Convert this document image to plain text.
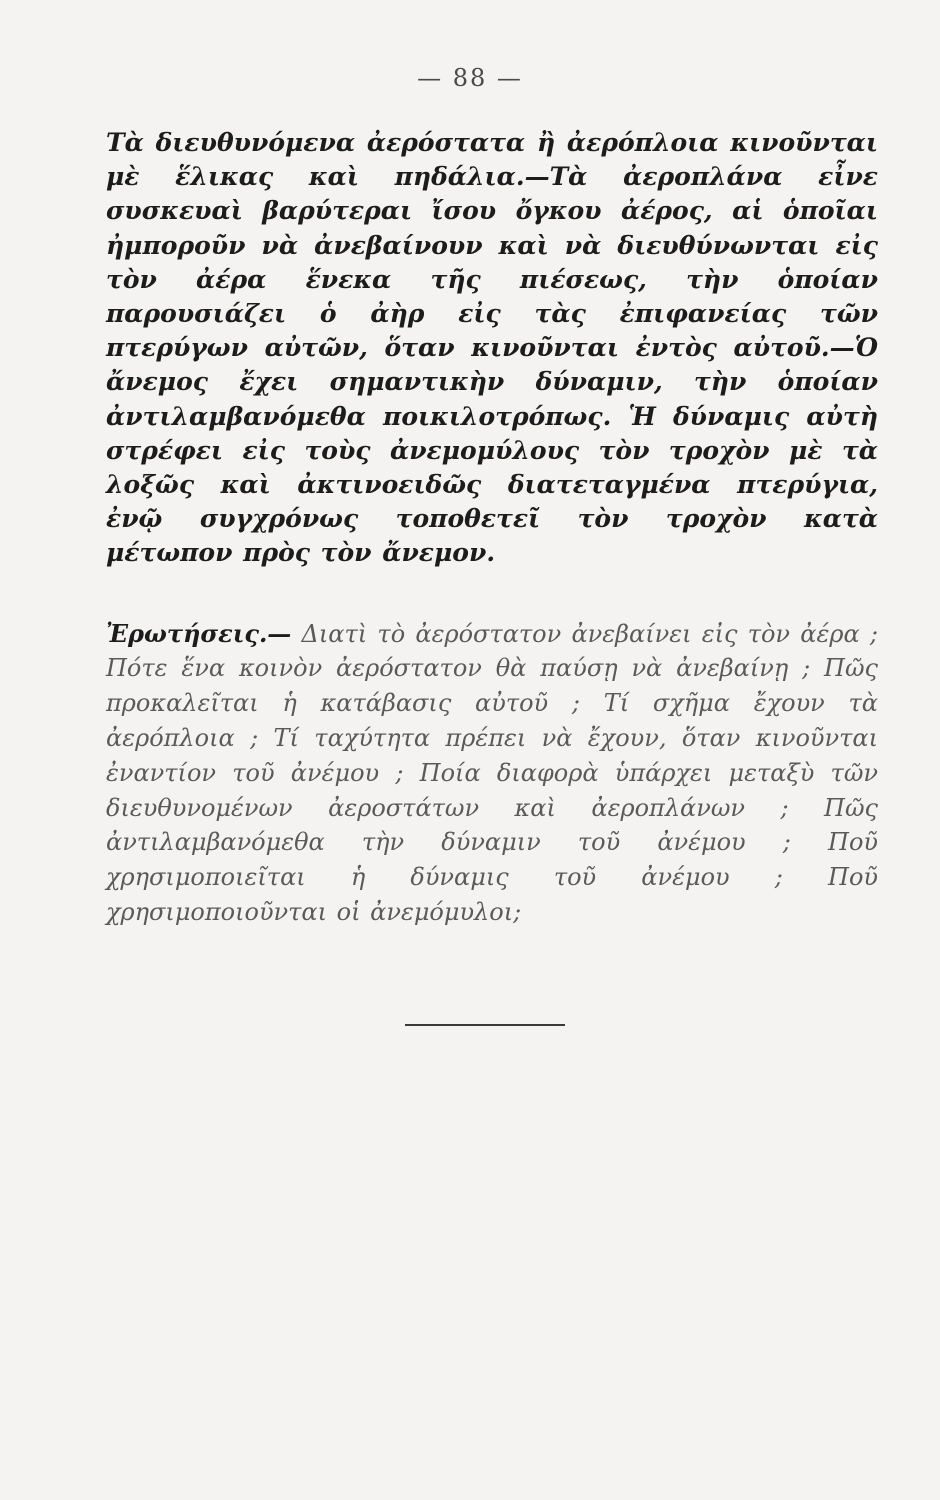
— 88 —

Τὰ διευθυνόμενα ἀερόστατα ἢ ἀερόπλοια κινοῦνται μὲ ἕλικας καὶ πηδάλια.—Τὰ ἀεροπλάνα εἶνε συσκευαὶ βαρύτεραι ἴσου ὄγκου ἀέρος, αἱ ὁποῖαι ἠμποροῦν νὰ ἀνεβαίνουν καὶ νὰ διευθύνωνται εἰς τὸν ἀέρα ἕνεκα τῆς πιέσεως, τὴν ὁποίαν παρουσιάζει ὁ ἀὴρ εἰς τὰς ἐπιφανείας τῶν πτερύγων αὐτῶν, ὅταν κινοῦνται ἐντὸς αὐτοῦ.—Ὁ ἄνεμος ἔχει σημαντικὴν δύναμιν, τὴν ὁποίαν ἀντιλαμβανόμεθα ποικιλοτρόπως. Ἡ δύναμις αὐτὴ στρέφει εἰς τοὺς ἀνεμομύλους τὸν τροχὸν μὲ τὰ λοξῶς καὶ ἀκτινοειδῶς διατεταγμένα πτερύγια, ἐνῷ συγχρόνως τοποθετεῖ τὸν τροχὸν κατὰ μέτωπον πρὸς τὸν ἄνεμον.

Ἐρωτήσεις.— Διατὶ τὸ ἀερόστατον ἀνεβαίνει εἰς τὸν ἀέρα ; Πότε ἕνα κοινὸν ἀερόστατον θὰ παύσῃ νὰ ἀνεβαίνῃ ; Πῶς προκαλεῖται ἡ κατάβασις αὐτοῦ ; Τί σχῆμα ἔχουν τὰ ἀερόπλοια ; Τί ταχύτητα πρέπει νὰ ἔχουν, ὅταν κινοῦνται ἐναντίον τοῦ ἀνέμου ; Ποία διαφορὰ ὑπάρχει μεταξὺ τῶν διευθυνομένων ἀεροστάτων καὶ ἀεροπλάνων ; Πῶς ἀντιλαμβανόμεθα τὴν δύναμιν τοῦ ἀνέμου ; Ποῦ χρησιμοποιεῖται ἡ δύναμις τοῦ ἀνέμου ; Ποῦ χρησιμοποιοῦνται οἱ ἀνεμόμυλοι;
